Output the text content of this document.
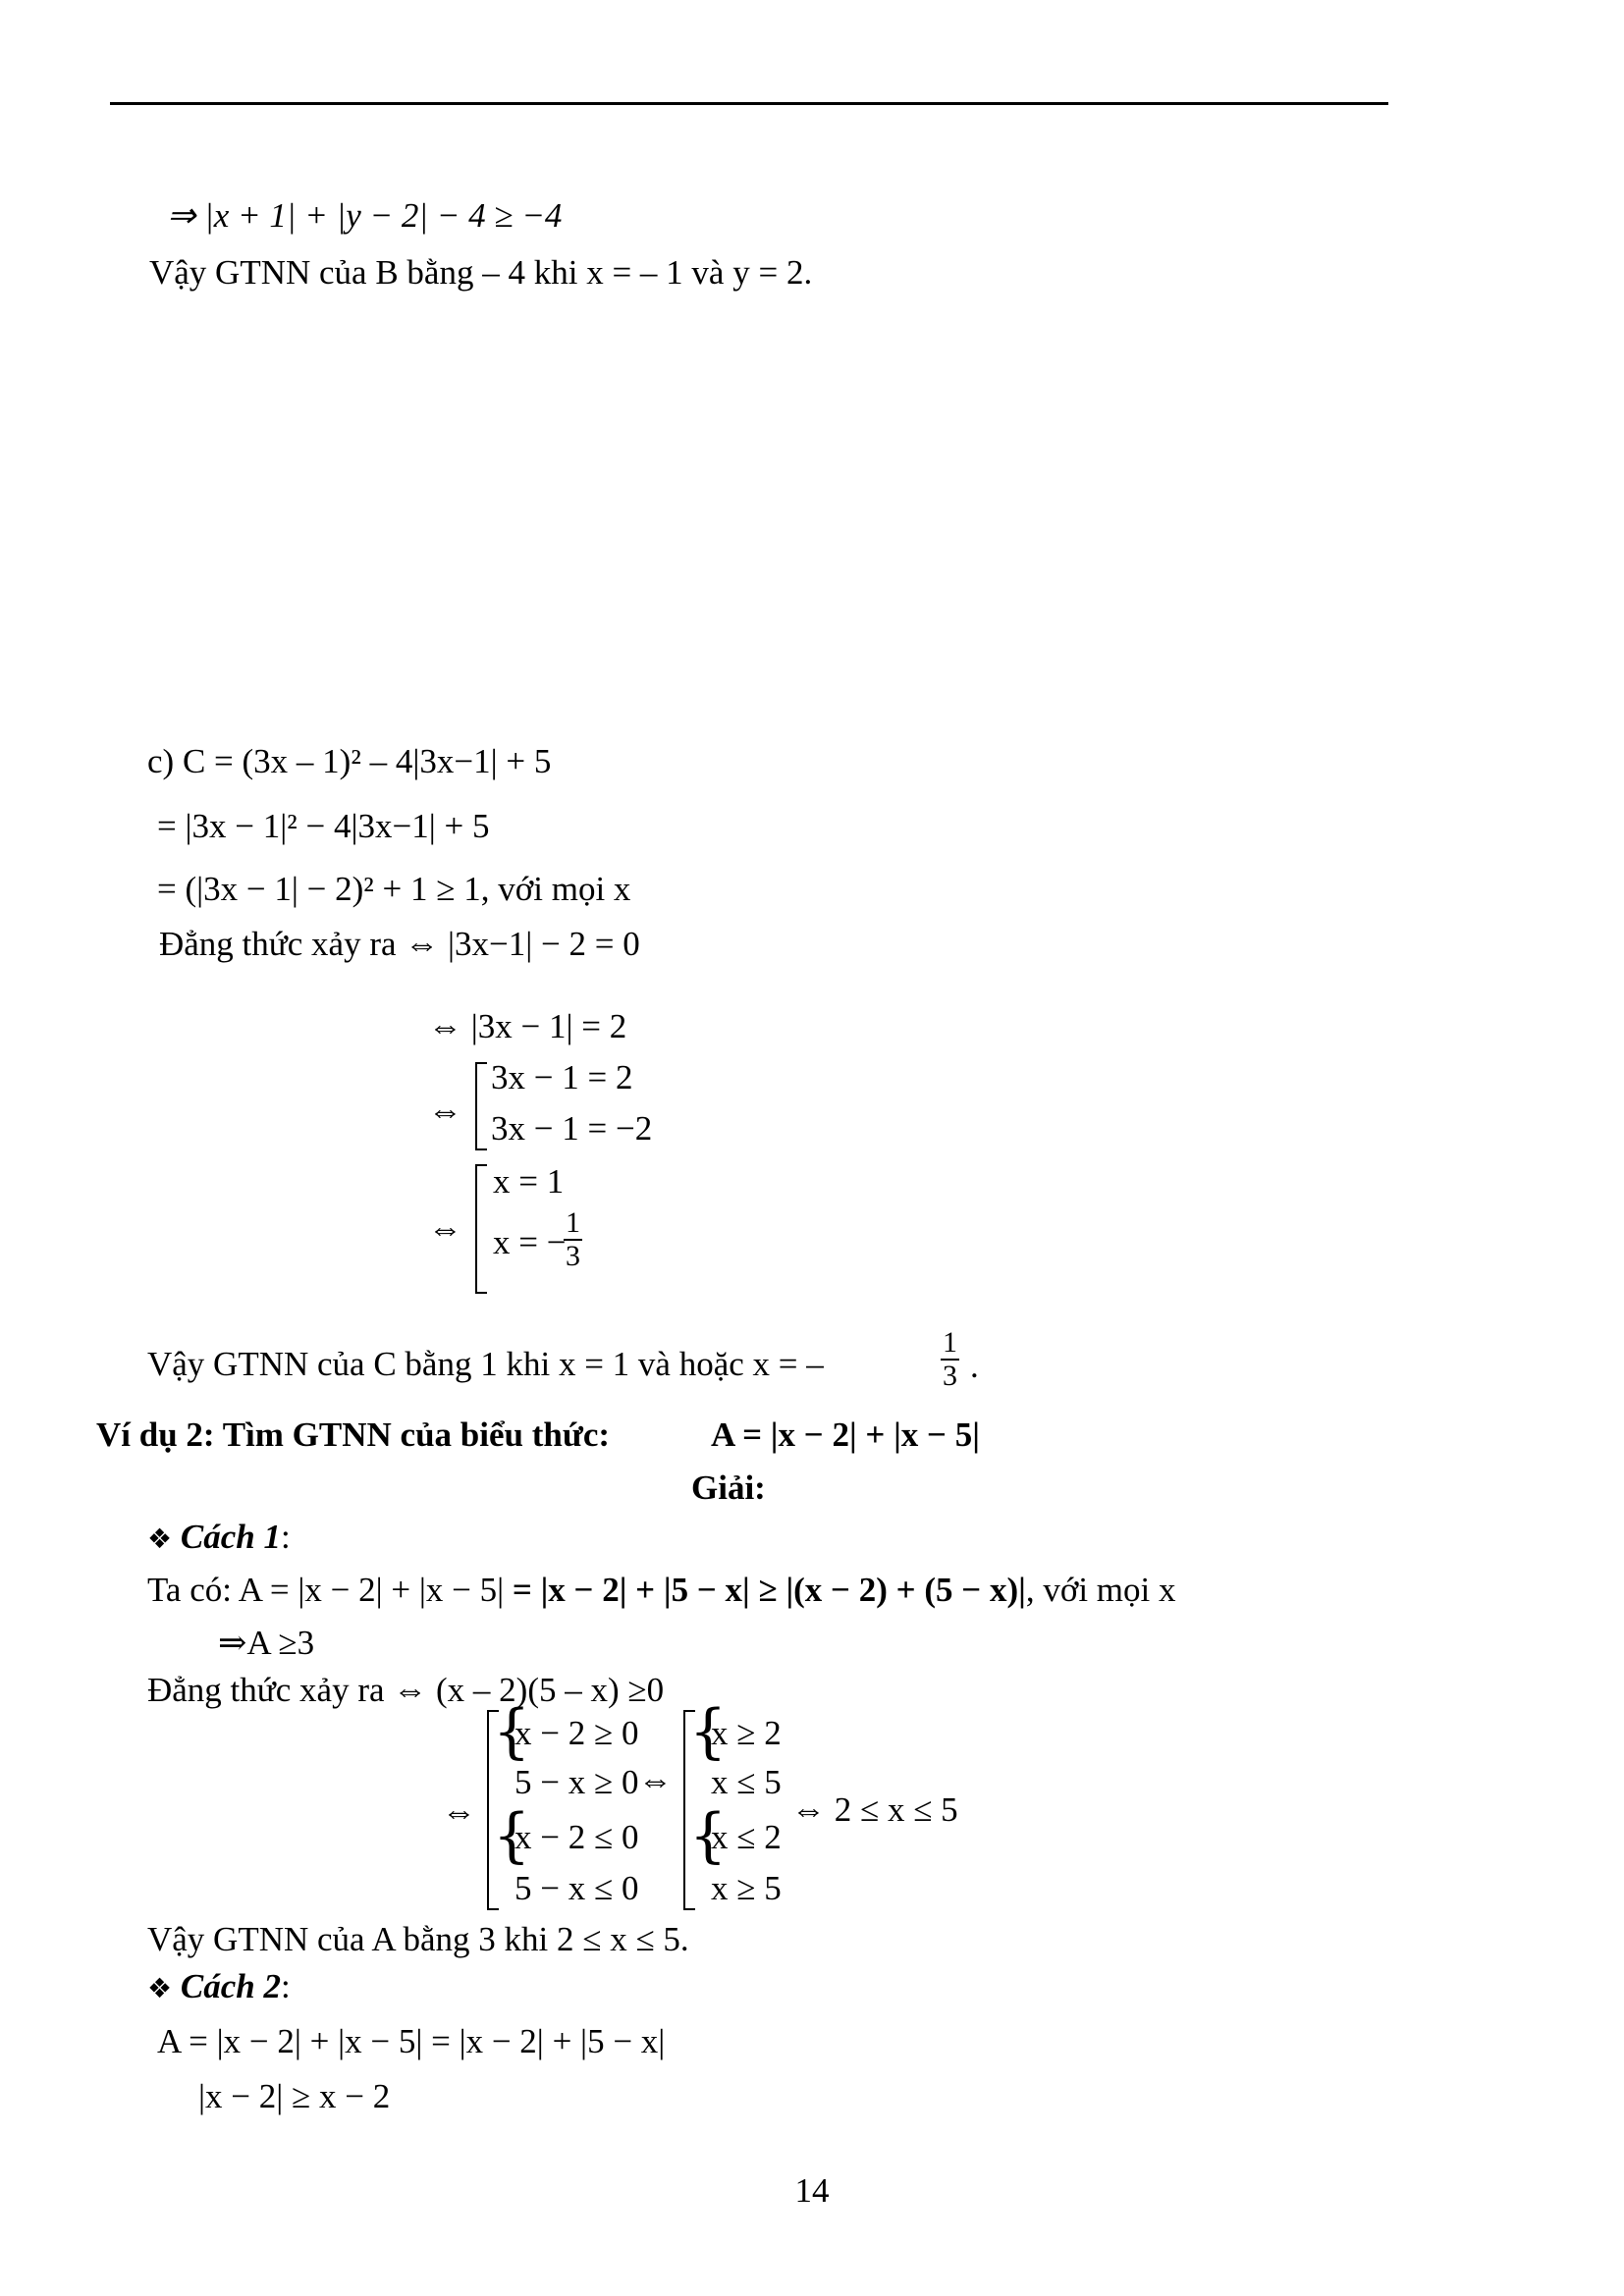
⇒ |x + 1| + |y − 2| − 4 ≥ −4
Vậy GTNN của B bằng – 4 khi x = – 1 và y = 2.
c) C = (3x – 1)² – 4|3x−1| + 5
= |3x − 1|² − 4|3x−1| + 5
= (|3x − 1| − 2)² + 1 ≥ 1, với mọi x
Đẳng thức xảy ra ⇔ |3x−1| − 2 = 0
⇔ |3x − 1| = 2
⇔
3x − 1 = 2
3x − 1 = −2
⇔
x = 1
x = −
$\frac{1}{3}$
Vậy GTNN của C bằng 1 khi x = 1 và hoặc x = –	$\frac{1}{3}$ .
Ví dụ 2: Tìm GTNN của biểu thức:	A = |x − 2| + |x − 5|
Giải:
❖ Cách 1:
Ta có: A = |x − 2| + |x − 5| = |x − 2| + |5 − x| ≥ |(x − 2) + (5 − x)|, với mọi x
⇒A ≥3
Đẳng thức xảy ra ⇔ (x – 2)(5 – x) ≥0
⇔
{
{
x − 2 ≥ 0
5 − x ≥ 0
x − 2 ≤ 0
5 − x ≤ 0
⇔
{
{
x ≥ 2
x ≤ 5
x ≤ 2
x ≥ 5
⇔ 2 ≤ x ≤ 5
Vậy GTNN của A bằng 3 khi 2 ≤ x ≤ 5.
❖ Cách 2:
A = |x − 2| + |x − 5| = |x − 2| + |5 − x|
|x − 2| ≥ x − 2
14
